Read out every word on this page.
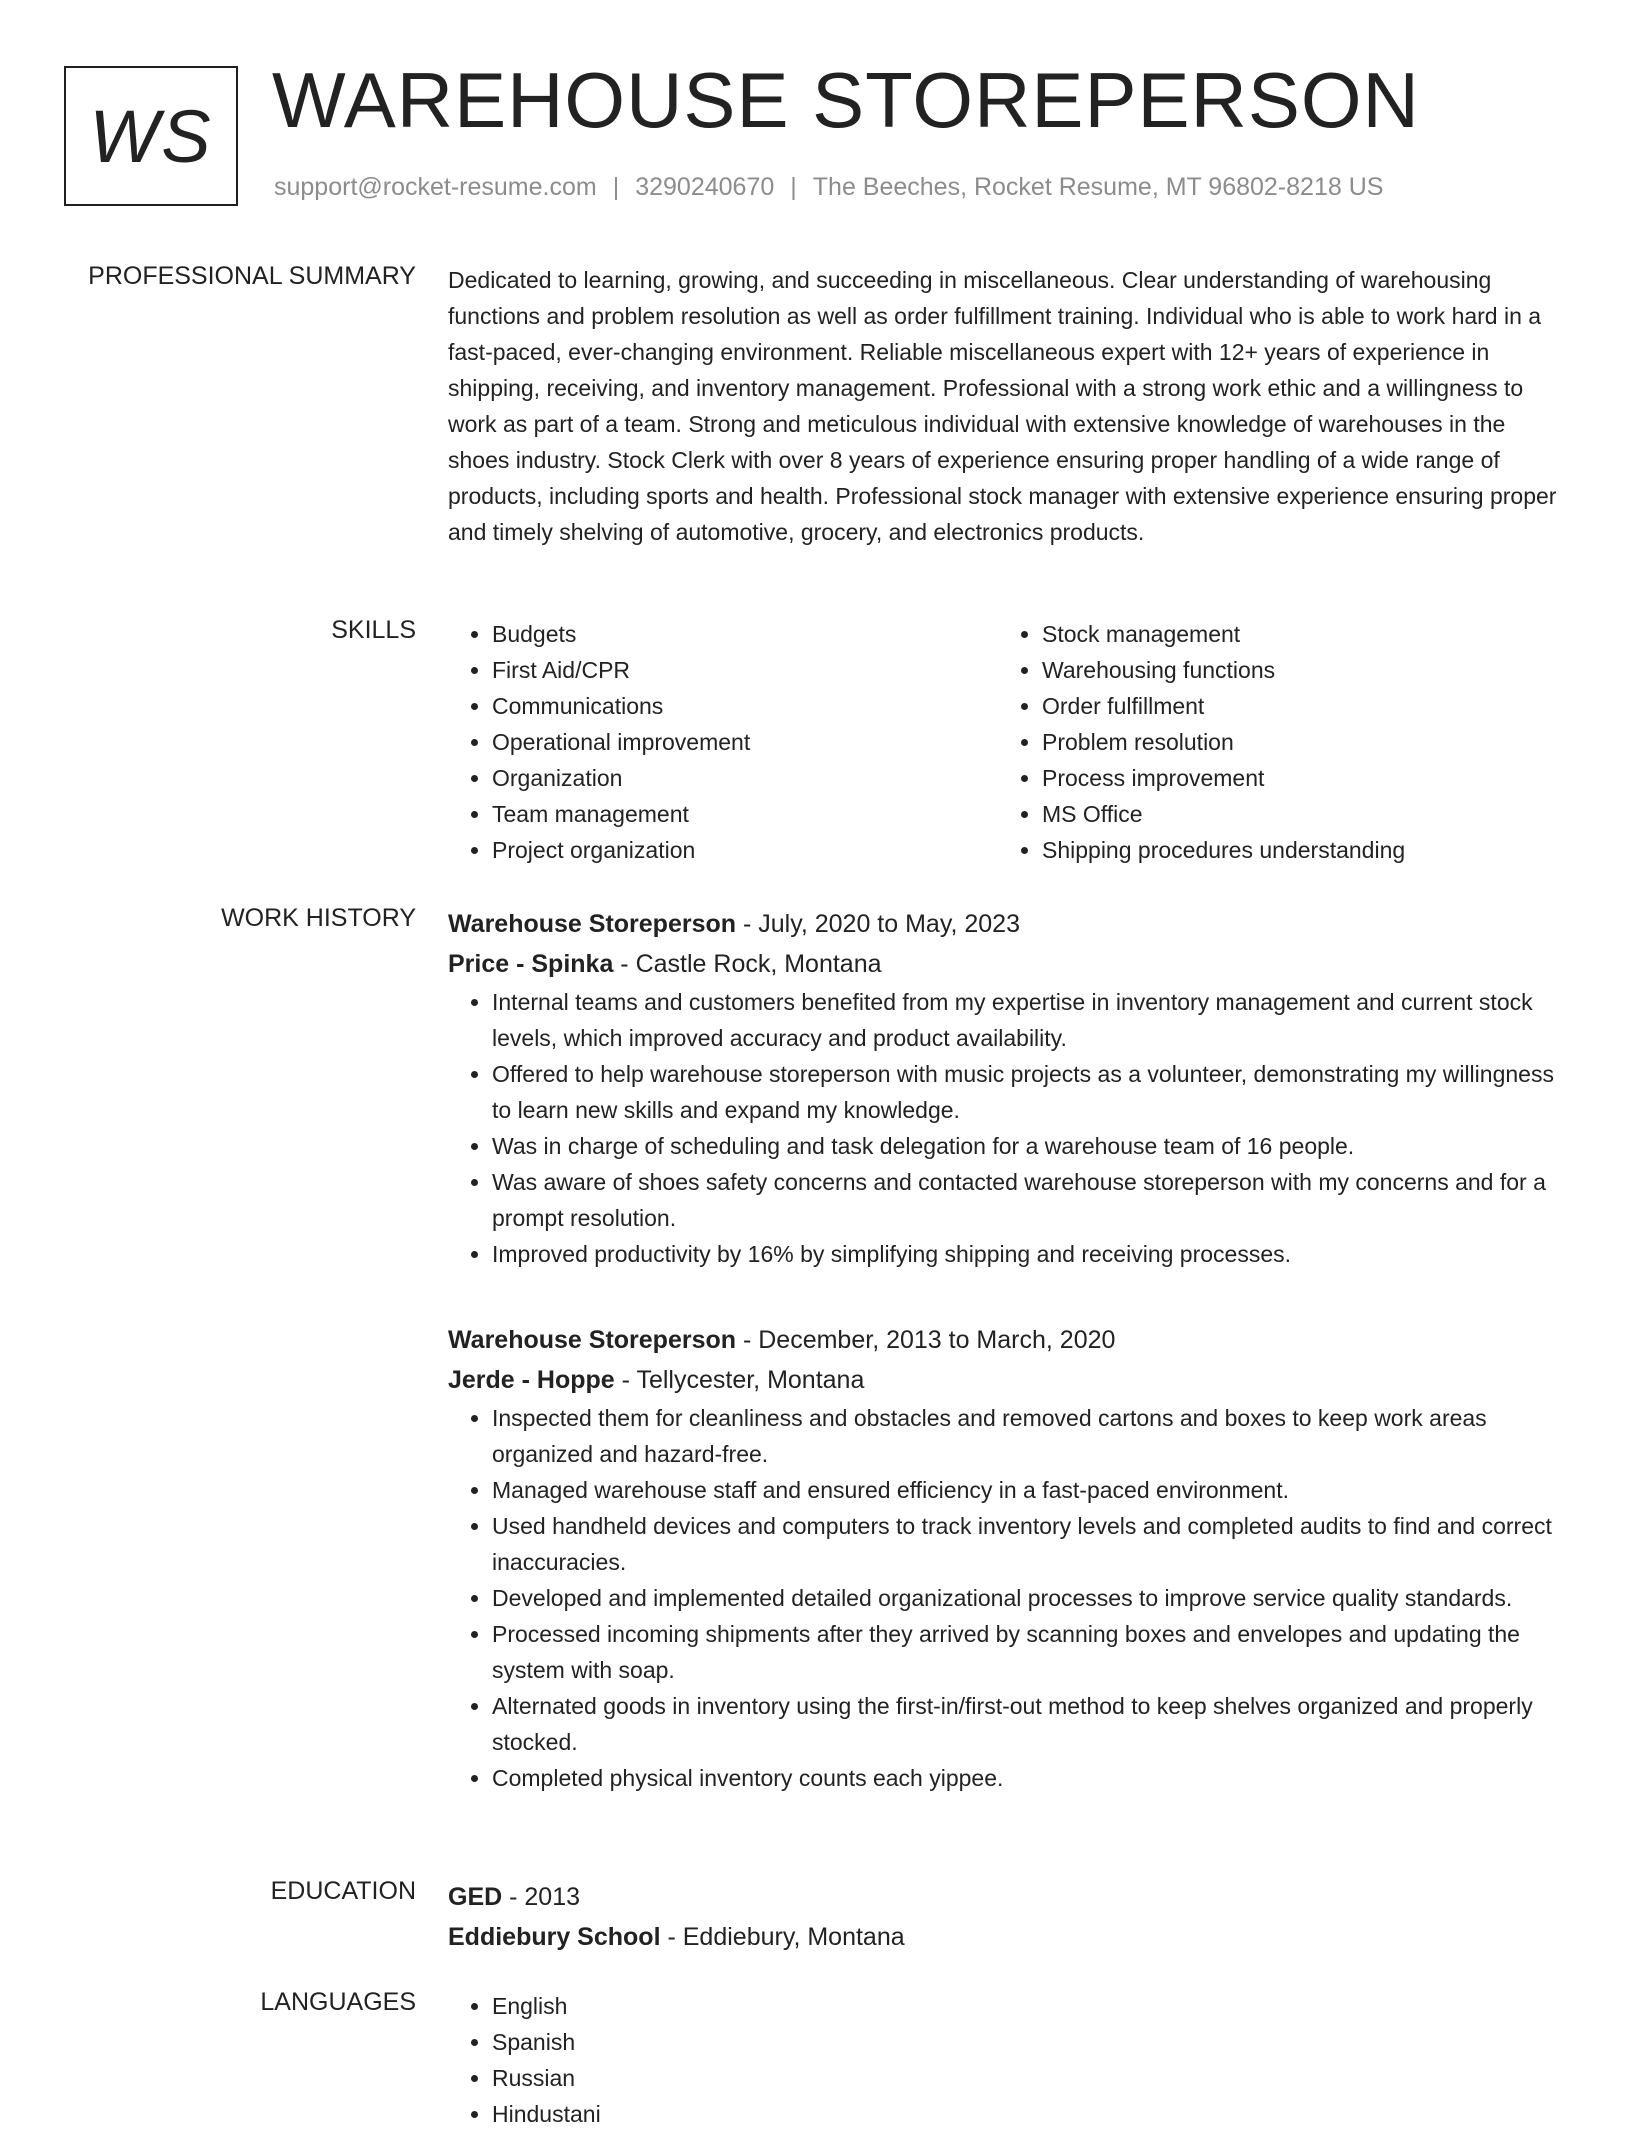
WS WAREHOUSE STOREPERSON
support@rocket-resume.com | 3290240670 | The Beeches, Rocket Resume, MT 96802-8218 US
PROFESSIONAL SUMMARY Dedicated to learning, growing, and succeeding in miscellaneous. Clear understanding of warehousing functions and problem resolution as well as order fulfillment training. Individual who is able to work hard in a fast-paced, ever-changing environment. Reliable miscellaneous expert with 12+ years of experience in shipping, receiving, and inventory management. Professional with a strong work ethic and a willingness to work as part of a team. Strong and meticulous individual with extensive knowledge of warehouses in the shoes industry. Stock Clerk with over 8 years of experience ensuring proper handling of a wide range of products, including sports and health. Professional stock manager with extensive experience ensuring proper and timely shelving of automotive, grocery, and electronics products.

SKILLS	• Budgets
• First Aid/CPR
• Communications
• Operational improvement
• Organization
• Team management
• Project organization
• Stock management
• Warehousing functions
• Order fulfillment
• Problem resolution
• Process improvement
• MS Office
• Shipping procedures understanding
WORK HISTORY Warehouse Storeperson - July, 2020 to May, 2023
Price - Spinka - Castle Rock, Montana
• Internal teams and customers benefited from my expertise in inventory management and current stock levels, which improved accuracy and product availability.
• Offered to help warehouse storeperson with music projects as a volunteer, demonstrating my willingness to learn new skills and expand my knowledge.
• Was in charge of scheduling and task delegation for a warehouse team of 16 people.
• Was aware of shoes safety concerns and contacted warehouse storeperson with my concerns and for a prompt resolution.
• Improved productivity by 16% by simplifying shipping and receiving processes.
Warehouse Storeperson - December, 2013 to March, 2020
Jerde - Hoppe - Tellycester, Montana
• Inspected them for cleanliness and obstacles and removed cartons and boxes to keep work areas organized and hazard-free.
• Managed warehouse staff and ensured efficiency in a fast-paced environment.
• Used handheld devices and computers to track inventory levels and completed audits to find and correct inaccuracies.
• Developed and implemented detailed organizational processes to improve service quality standards.
• Processed incoming shipments after they arrived by scanning boxes and envelopes and updating the system with soap.
• Alternated goods in inventory using the first-in/first-out method to keep shelves organized and properly stocked.
• Completed physical inventory counts each yippee.
EDUCATION GED - 2013
Eddiebury School - Eddiebury, Montana
LANGUAGES	• English
• Spanish
• Russian
• Hindustani
